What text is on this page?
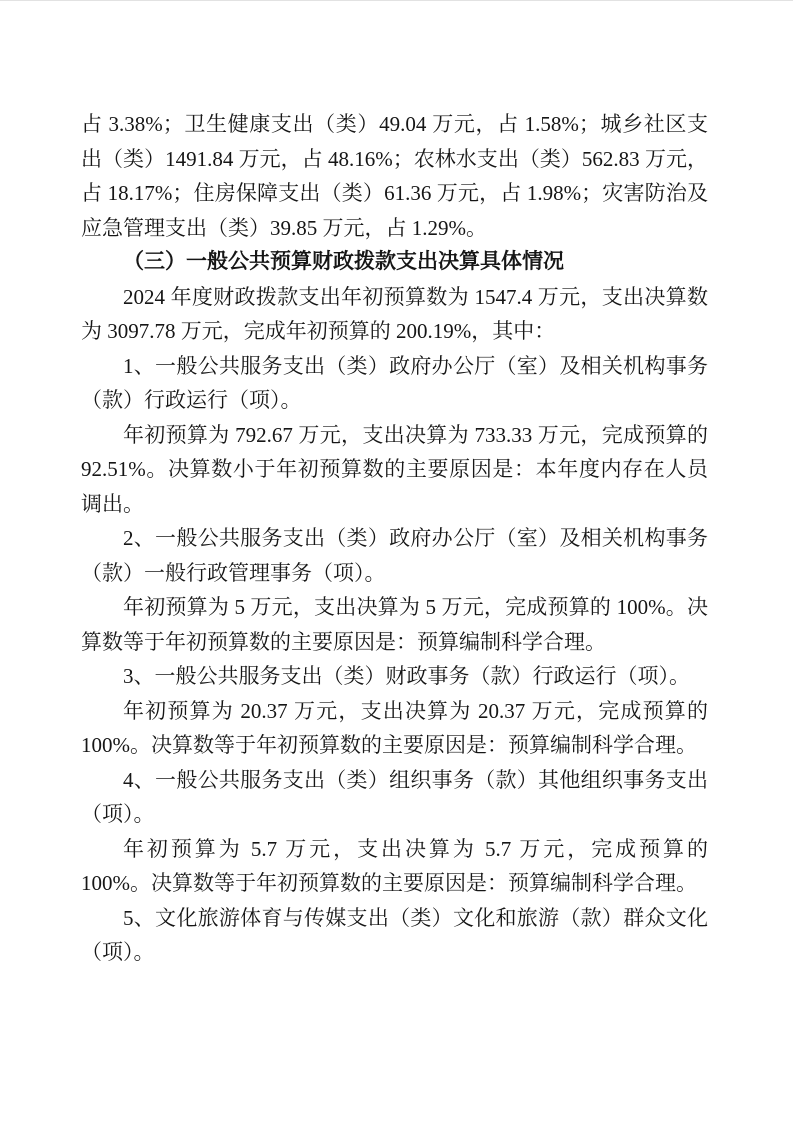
占 3.38%；卫生健康支出（类）49.04 万元，占 1.58%；城乡社区支出（类）1491.84 万元，占 48.16%；农林水支出（类）562.83 万元，占 18.17%；住房保障支出（类）61.36 万元，占 1.98%；灾害防治及应急管理支出（类）39.85 万元，占 1.29%。

（三）一般公共预算财政拨款支出决算具体情况

2024 年度财政拨款支出年初预算数为 1547.4 万元，支出决算数为 3097.78 万元，完成年初预算的 200.19%，其中：

1、一般公共服务支出（类）政府办公厅（室）及相关机构事务（款）行政运行（项）。

年初预算为 792.67 万元，支出决算为 733.33 万元，完成预算的 92.51%。决算数小于年初预算数的主要原因是：本年度内存在人员调出。

2、一般公共服务支出（类）政府办公厅（室）及相关机构事务（款）一般行政管理事务（项）。

年初预算为 5 万元，支出决算为 5 万元，完成预算的 100%。决算数等于年初预算数的主要原因是：预算编制科学合理。

3、一般公共服务支出（类）财政事务（款）行政运行（项）。

年初预算为 20.37 万元，支出决算为 20.37 万元，完成预算的 100%。决算数等于年初预算数的主要原因是：预算编制科学合理。

4、一般公共服务支出（类）组织事务（款）其他组织事务支出（项）。

年初预算为 5.7 万元，支出决算为 5.7 万元，完成预算的 100%。决算数等于年初预算数的主要原因是：预算编制科学合理。

5、文化旅游体育与传媒支出（类）文化和旅游（款）群众文化（项）。
